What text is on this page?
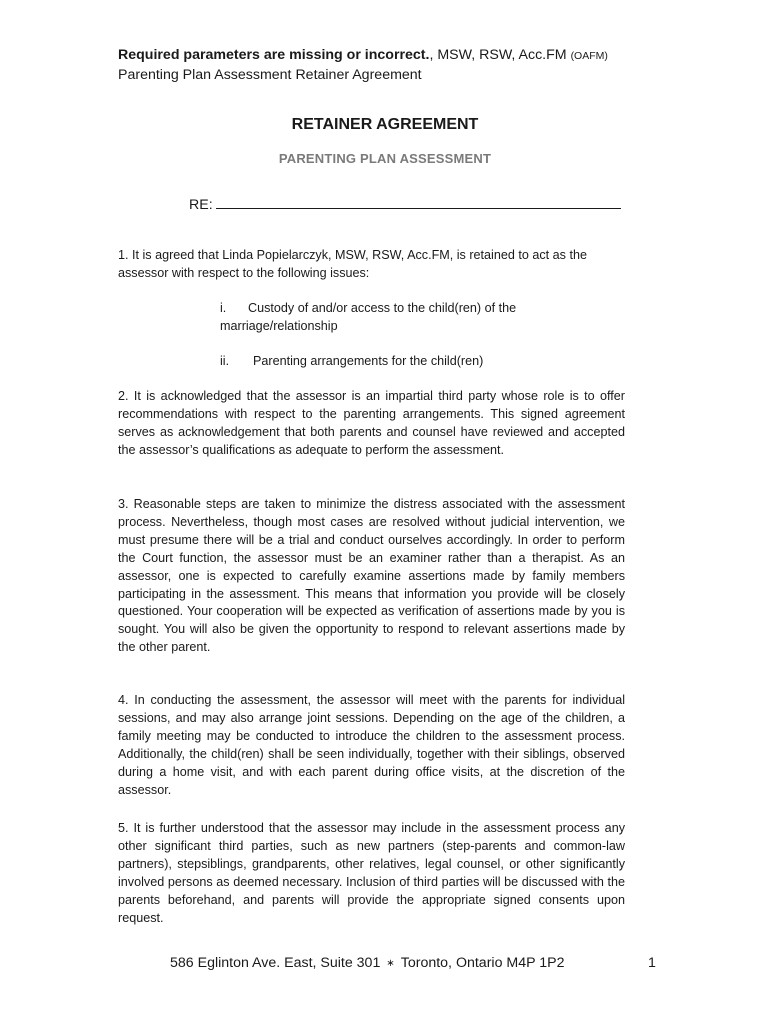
Required parameters are missing or incorrect., MSW, RSW, Acc.FM (OAFM)
Parenting Plan Assessment Retainer Agreement
RETAINER AGREEMENT
PARENTING PLAN ASSESSMENT
RE:
1. It is agreed that Linda Popielarczyk, MSW, RSW, Acc.FM, is retained to act as the assessor with respect to the following issues:
i. Custody of and/or access to the child(ren) of the marriage/relationship
ii. Parenting arrangements for the child(ren)
2. It is acknowledged that the assessor is an impartial third party whose role is to offer recommendations with respect to the parenting arrangements. This signed agreement serves as acknowledgement that both parents and counsel have reviewed and accepted the assessor’s qualifications as adequate to perform the assessment.
3. Reasonable steps are taken to minimize the distress associated with the assessment process. Nevertheless, though most cases are resolved without judicial intervention, we must presume there will be a trial and conduct ourselves accordingly. In order to perform the Court function, the assessor must be an examiner rather than a therapist. As an assessor, one is expected to carefully examine assertions made by family members participating in the assessment. This means that information you provide will be closely questioned. Your cooperation will be expected as verification of assertions made by you is sought. You will also be given the opportunity to respond to relevant assertions made by the other parent.
4. In conducting the assessment, the assessor will meet with the parents for individual sessions, and may also arrange joint sessions. Depending on the age of the children, a family meeting may be conducted to introduce the children to the assessment process. Additionally, the child(ren) shall be seen individually, together with their siblings, observed during a home visit, and with each parent during office visits, at the discretion of the assessor.
5. It is further understood that the assessor may include in the assessment process any other significant third parties, such as new partners (step-parents and common-law partners), stepsiblings, grandparents, other relatives, legal counsel, or other significantly involved persons as deemed necessary. Inclusion of third parties will be discussed with the parents beforehand, and parents will provide the appropriate signed consents upon request.
586 Eglinton Ave. East, Suite 301 ∗ Toronto, Ontario M4P 1P2	1
